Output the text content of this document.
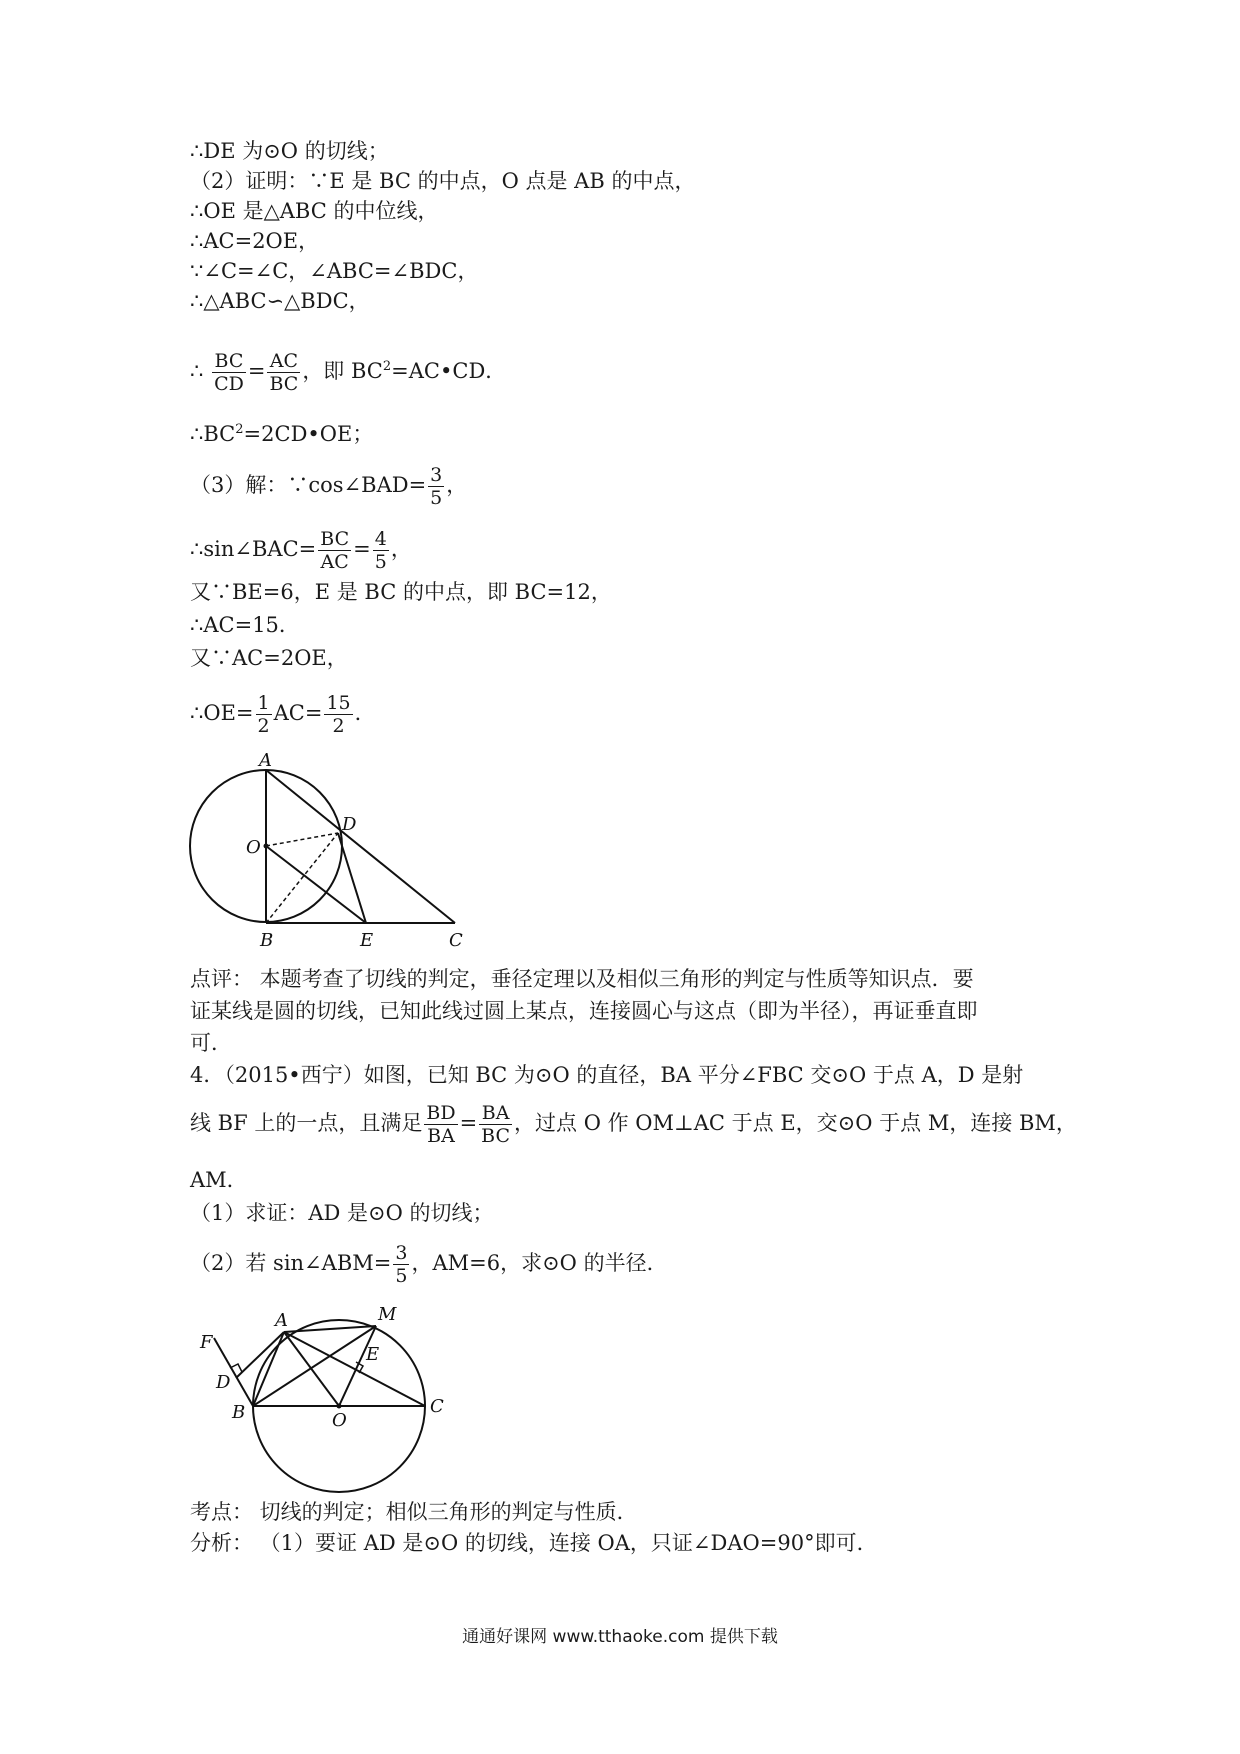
∴DE 为⊙O 的切线；
（2）证明：∵E 是 BC 的中点，O 点是 AB 的中点，
∴OE 是△ABC 的中位线，
∴AC=2OE，
∵∠C=∠C，∠ABC=∠BDC，
∴△ABC∽△BDC，
∴ $\frac{BC}{CD} = \frac{AC}{BC}$ ，即 $BC^2=AC•CD$．
$\therefore BC^2=2CD•OE$；
（3）解：∵cos∠BAD= $\frac{3}{5}$ ，
∴sin∠BAC= $\frac{BC}{AC} = \frac{4}{5}$ ，
又∵BE=6，E 是 BC 的中点，即 BC=12，
∴AC=15．
又∵AC=2OE，
∴OE= $\frac{1}{2} AC= \frac{15}{2}$ ．
A
D
O
B	E	C
点评： 本题考查了切线的判定，垂径定理以及相似三角形的判定与性质等知识点．要
证某线是圆的切线，已知此线过圆上某点，连接圆心与这点（即为半径），再证垂直即
可．
4．（2015•西宁）如图，已知 BC 为⊙O 的直径，BA 平分∠FBC 交⊙O 于点 A，D 是射
线 BF 上的一点，且满足 $\frac{BD}{BA} = \frac{BA}{BC}$ ，过点 O 作 OM⊥AC 于点 E，交⊙O 于点 M，连接 BM，
AM．
（1）求证：AD 是⊙O 的切线；
（2）若 sin∠ABM= $\frac{3}{5}$ ，AM=6，求⊙O 的半径．
A	M
F
E
D
B	O
C
考点： 切线的判定；相似三角形的判定与性质．
分析： （1）要证 AD 是⊙O 的切线，连接 OA，只证∠DAO=90°即可．
通通好课网 www.tthaoke.com 提供下载
